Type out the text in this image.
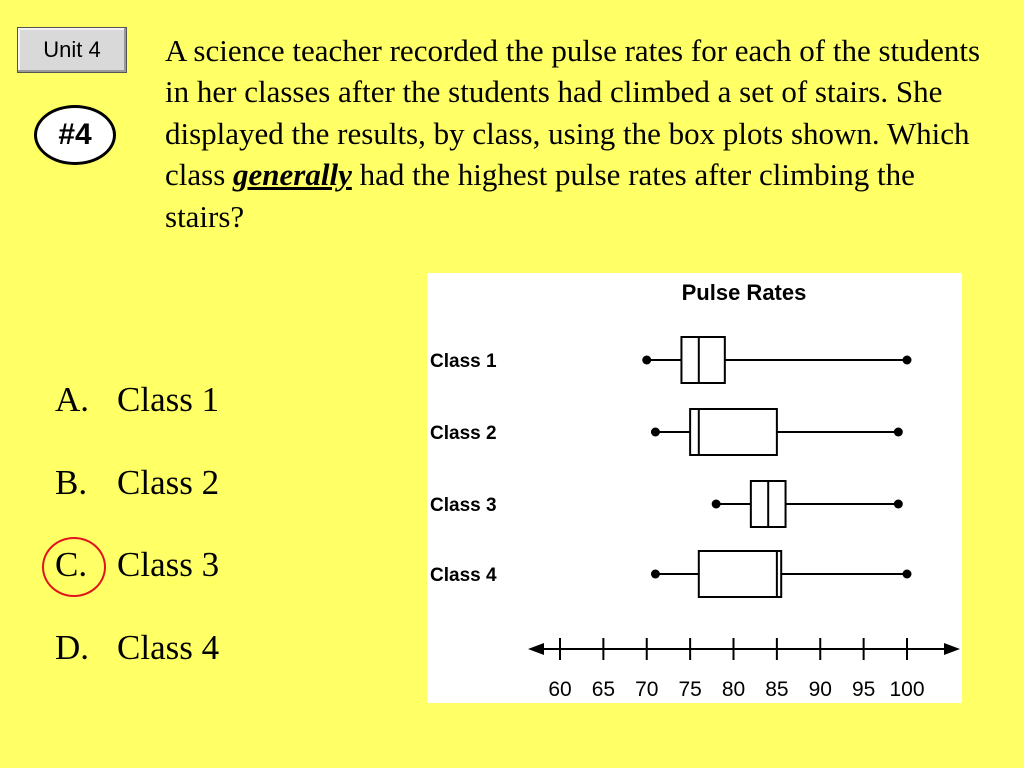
Unit 4
#4
A science teacher recorded the pulse rates for each of the students in her classes after the students had climbed a set of stairs. She displayed the results, by class, using the box plots shown. Which class generally had the highest pulse rates after climbing the stairs?
A. Class 1
B. Class 2
C. Class 3
D. Class 4
Pulse Rates
Class 1
Class 2
Class 3
Class 4
60 65 70 75 80 85 90 95 100
